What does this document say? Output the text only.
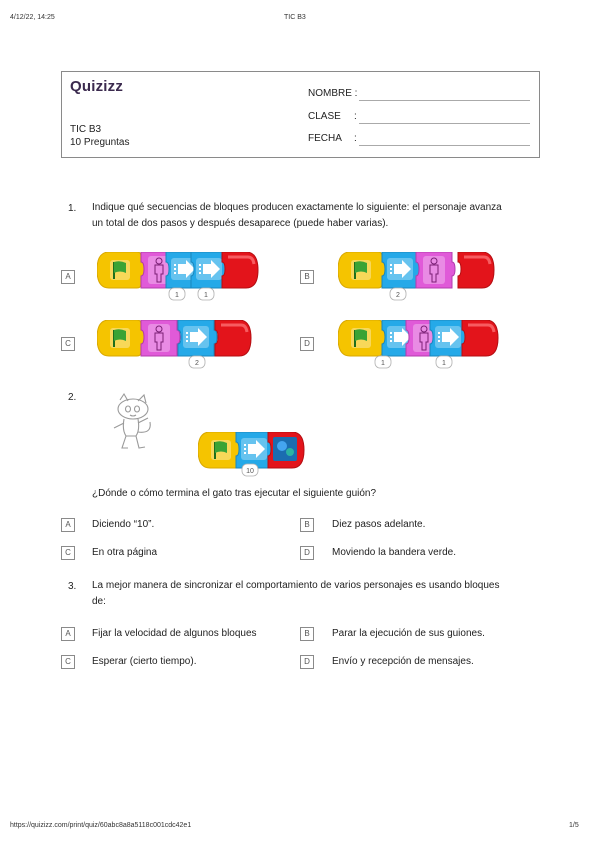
4/12/22, 14:25	TIC B3
https://quizizz.com/print/quiz/60abc8a8a5118c001cdc42e1	1/5
Quizizz
TIC B3
10 Preguntas
NOMBRE :
CLASE :
FECHA :
1. Indique qué secuencias de bloques producen exactamente lo siguiente: el personaje avanza
un total de dos pasos y después desaparece (puede haber varias).
A
1	1
B
2
C
2
D
1	1
2.
10
¿Dónde o cómo termina el gato tras ejecutar el siguiente guión?
A	Diciendo “10”.	B	Diez pasos adelante.
C	En otra página	D	Moviendo la bandera verde.
3. La mejor manera de sincronizar el comportamiento de varios personajes es usando bloques
de:
A	Fijar la velocidad de algunos bloques	B	Parar la ejecución de sus guiones.
C	Esperar (cierto tiempo).	D	Envío y recepción de mensajes.
